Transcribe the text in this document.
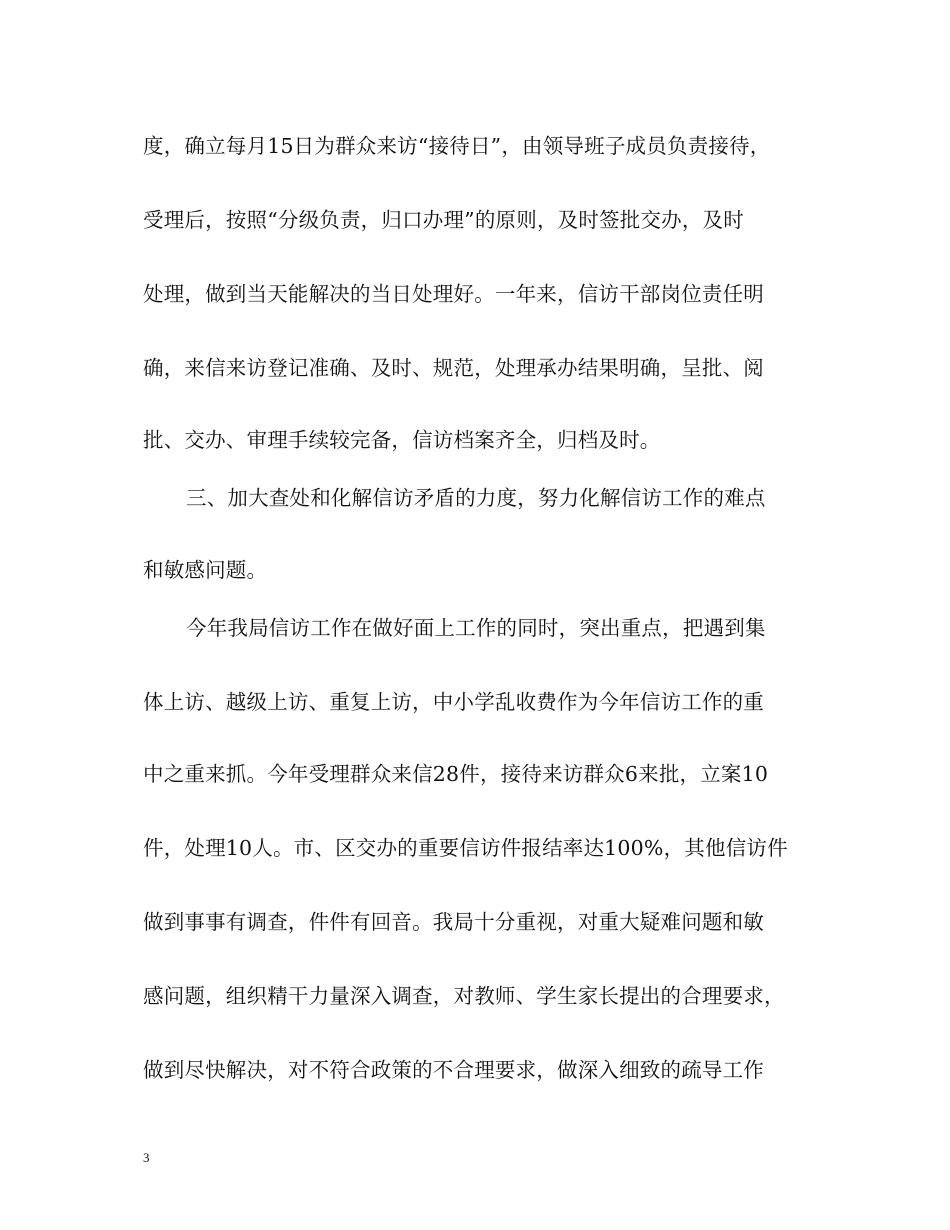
度，确立每月15日为群众来访“接待日”，由领导班子成员负责接待，
受理后，按照“分级负责，归口办理”的原则，及时签批交办，及时
处理，做到当天能解决的当日处理好。一年来，信访干部岗位责任明
确，来信来访登记准确、及时、规范，处理承办结果明确，呈批、阅
批、交办、审理手续较完备，信访档案齐全，归档及时。
三、加大查处和化解信访矛盾的力度，努力化解信访工作的难点
和敏感问题。
今年我局信访工作在做好面上工作的同时，突出重点，把遇到集
体上访、越级上访、重复上访，中小学乱收费作为今年信访工作的重
中之重来抓。今年受理群众来信28件，接待来访群众6来批，立案10
件，处理10人。市、区交办的重要信访件报结率达100%，其他信访件
做到事事有调查，件件有回音。我局十分重视，对重大疑难问题和敏
感问题，组织精干力量深入调查，对教师、学生家长提出的合理要求，
做到尽快解决，对不符合政策的不合理要求，做深入细致的疏导工作
3
